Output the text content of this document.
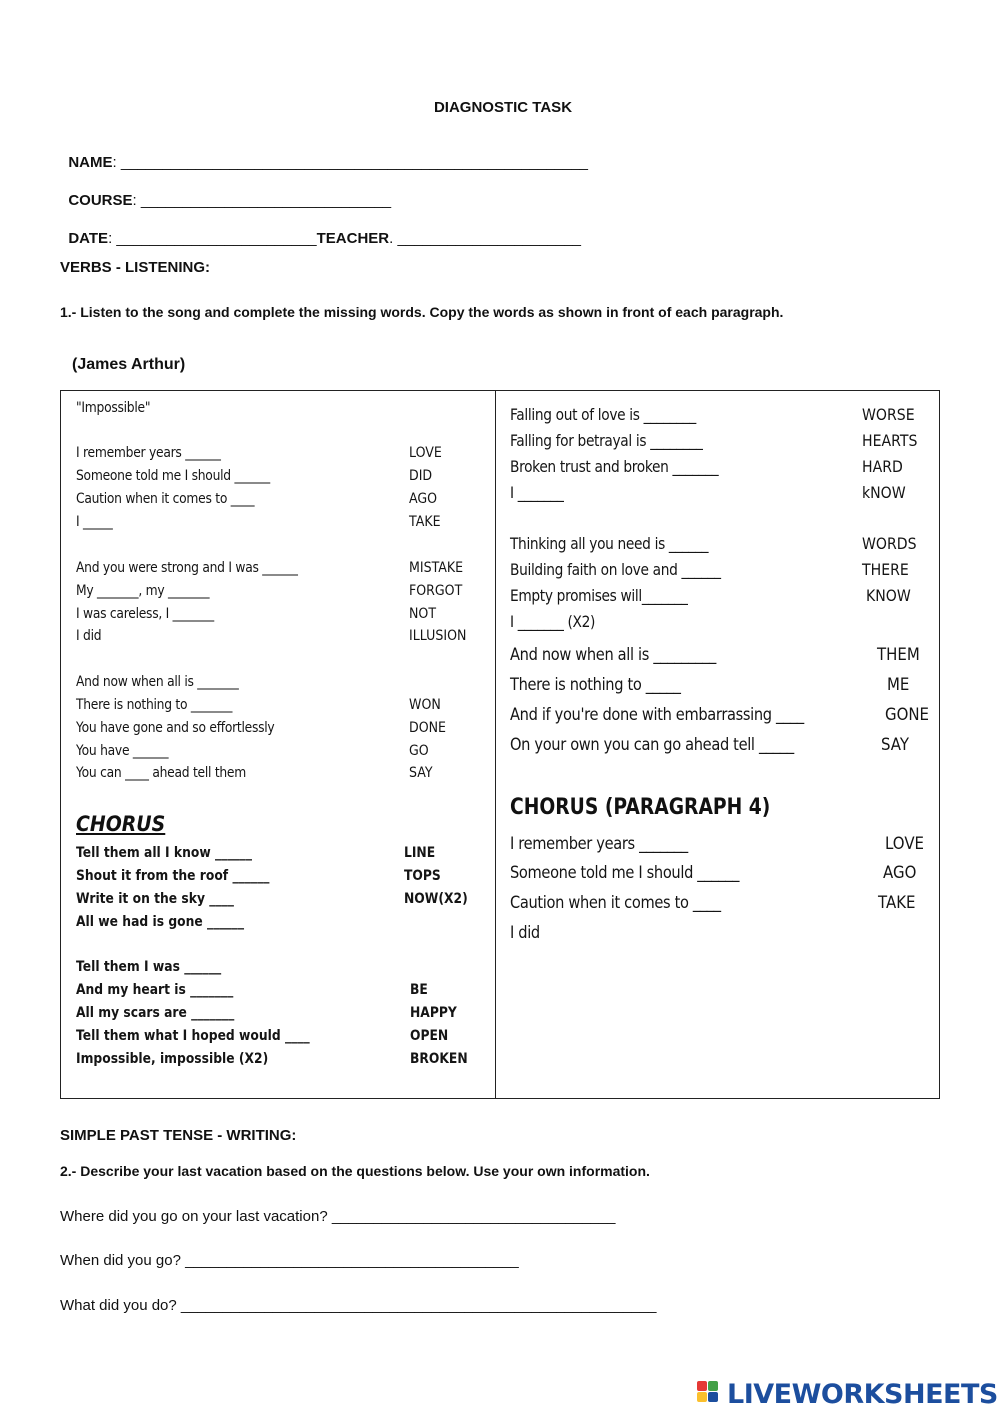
DIAGNOSTIC TASK

NAME: ________________________________________________________

COURSE: ______________________________

DATE: ________________________TEACHER. ______________________

VERBS - LISTENING:
1.- Listen to the song and complete the missing words. Copy the words as shown in front of each paragraph.
(James Arthur)
"Impossible"
I remember years ______
Someone told me I should ______
Caution when it comes to ____
I _____
LOVE
DID
AGO
TAKE
And you were strong and I was ______
My _______, my _______
I was careless, I _______
I did
MISTAKE
FORGOT
NOT
ILLUSION
And now when all is _______
There is nothing to _______
You have gone and so effortlessly
You have ______
You can ____ ahead tell them
WON
DONE
GO
SAY
CHORUS
Tell them all I know ______
Shout it from the roof ______
Write it on the sky ____
All we had is gone ______
LINE
TOPS
NOW(X2)
Tell them I was ______
And my heart is _______
All my scars are _______
Tell them what I hoped would ____
Impossible, impossible (X2)
BE
HAPPY
OPEN
BROKEN
Falling out of love is ________
Falling for betrayal is ________
Broken trust and broken _______
I _______
WORSE
HEARTS
HARD
kNOW
Thinking all you need is ______
Building faith on love and ______
Empty promises will_______
I _______ (X2)
WORDS
THERE
KNOW
And now when all is _________
There is nothing to _____
And if you're done with embarrassing ____
On your own you can go ahead tell _____
THEM
ME
GONE
SAY
CHORUS (PARAGRAPH 4)
I remember years _______
Someone told me I should ______
Caution when it comes to ____
I did
LOVE
AGO
TAKE
SIMPLE PAST TENSE - WRITING:
2.- Describe your last vacation based on the questions below. Use your own information.
Where did you go on your last vacation? __________________________________
When did you go? ________________________________________
What did you do? _________________________________________________________
LIVEWORKSHEETS
